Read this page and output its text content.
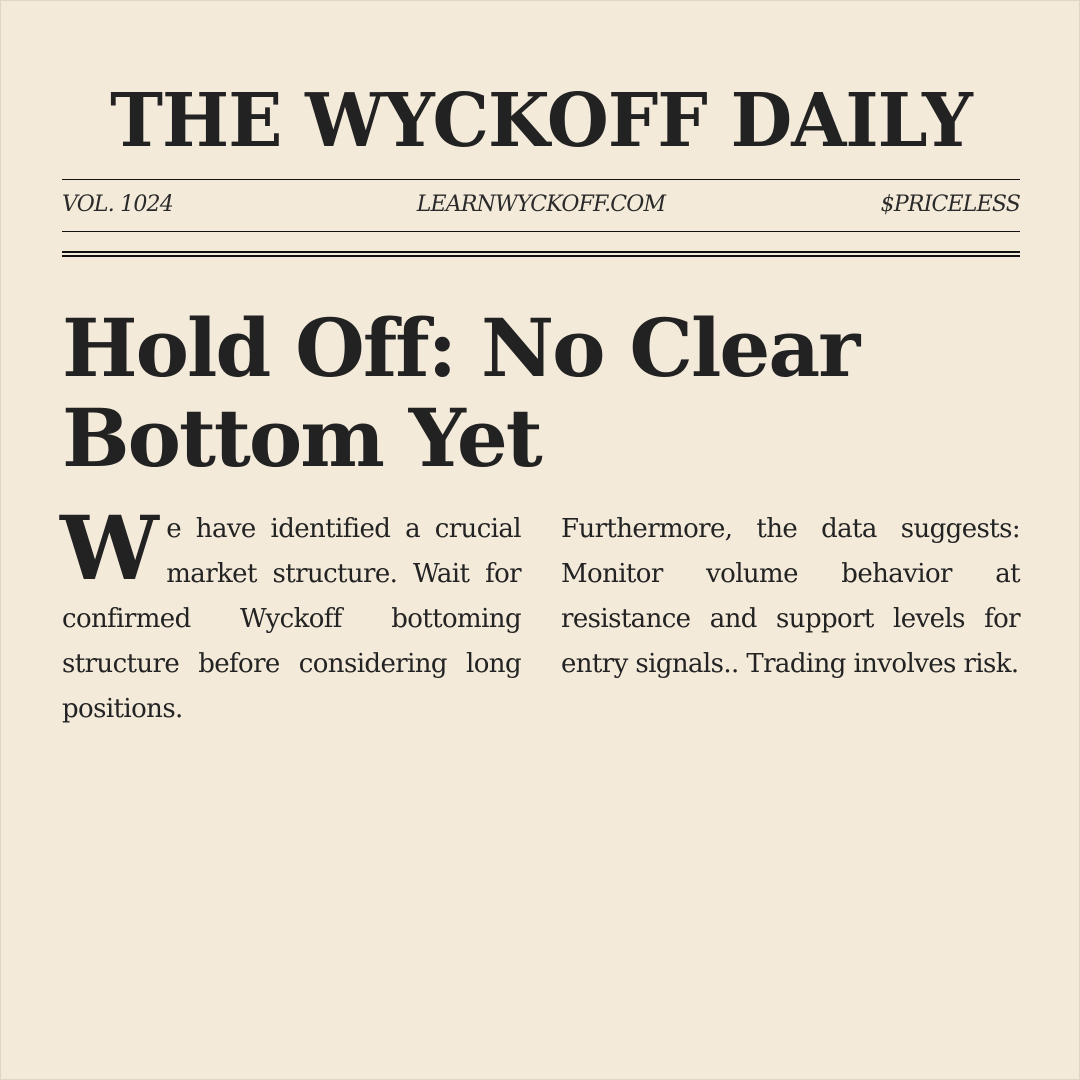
THE WYCKOFF DAILY
VOL. 1024	LEARNWYCKOFF.COM	$PRICELESS
Hold Off: No Clear Bottom Yet
W e have identified a crucial market structure. Wait for confirmed Wyckoff bottoming structure before considering long positions.
Furthermore, the data suggests: Monitor volume behavior at resistance and support levels for entry signals.. Trading involves risk.
